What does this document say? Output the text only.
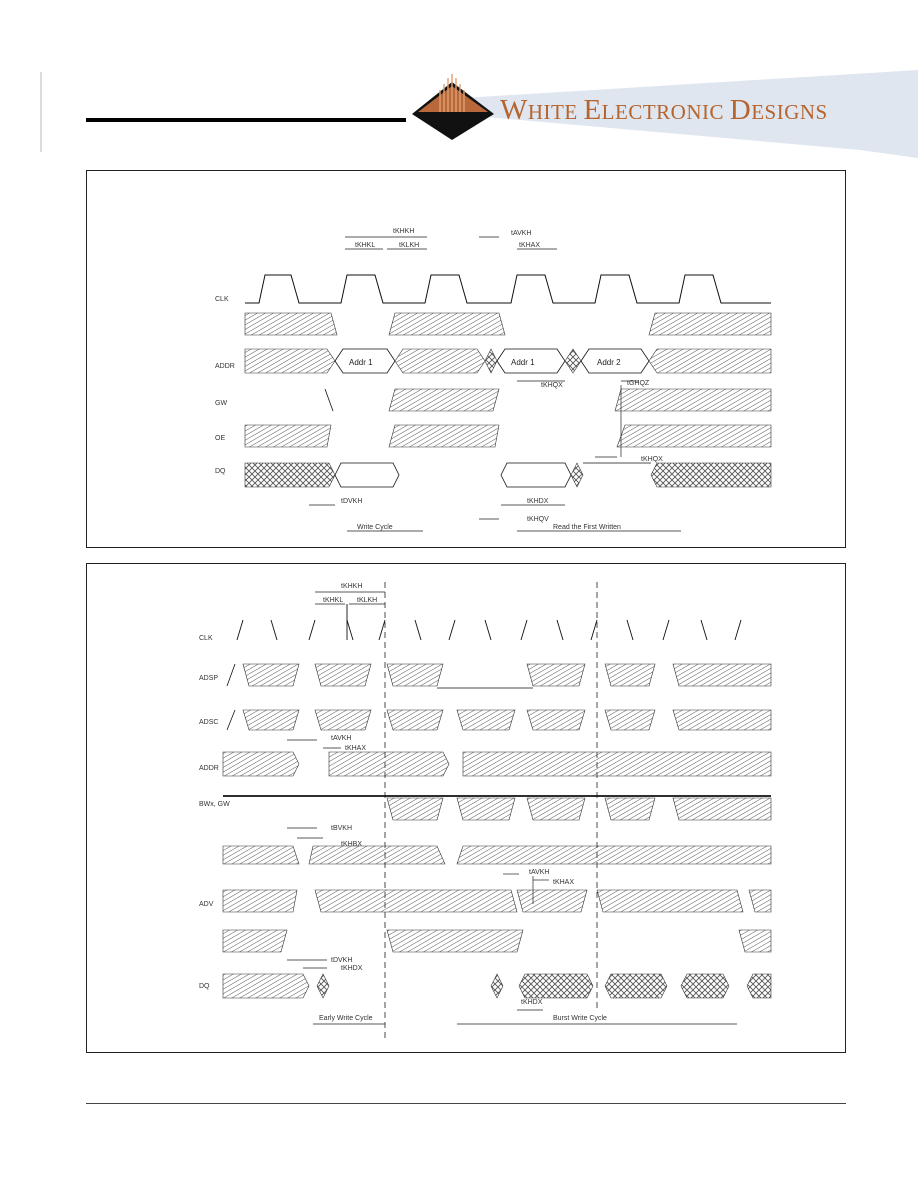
WHITE ELECTRONIC DESIGNS
CLK
ADDR
GW
OE
DQ
Addr 1	Addr 1	Addr 2
tKHKH
tKHKL	tKLKH
tAVKH
tKHAX
tKHQX	tGHQZ
tKHQX
tDVKH	tKHDX
tKHQV
Write Cycle	Read the First Written
CLK
ADSP
ADSC
ADDR
BWx, GW
ADV
DQ
tKHKH
tKHKL tKLKH
tAVKH
tKHAX
tBVKH
tKHBX
tAVKH
tKHAX
tDVKH
tKHDX
tKHDX
Early Write Cycle	Burst Write Cycle
